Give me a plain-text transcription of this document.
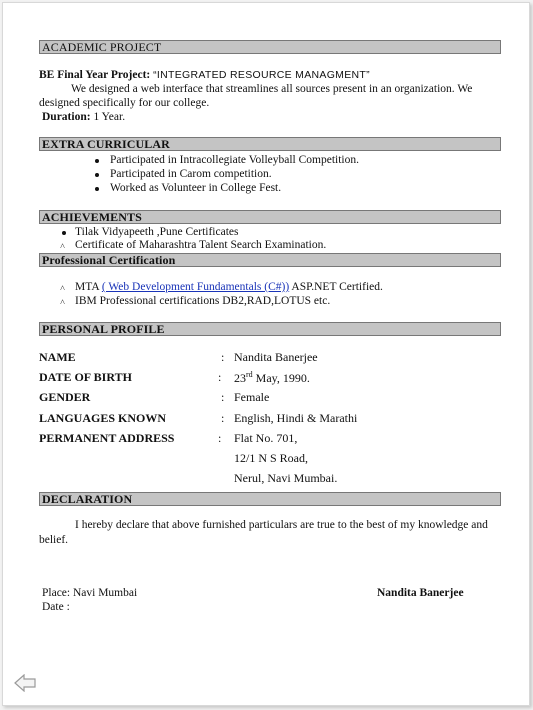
ACADEMIC PROJECT
BE Final Year Project: “INTEGRATED RESOURCE MANAGMENT”
We designed a web interface that streamlines all sources present in an organization. We
designed specifically for our college.
Duration: 1 Year.
EXTRA CURRICULAR
Participated in Intracollegiate Volleyball Competition.
Participated in Carom competition.
Worked as Volunteer in College Fest.
ACHIEVEMENTS
Tilak Vidyapeeth ,Pune Certificates
˄ Certificate of Maharashtra Talent Search Examination.
Professional Certification
˄ MTA ( Web Development Fundamentals (C#)) ASP.NET Certified.
˄ IBM Professional certifications DB2,RAD,LOTUS etc.
PERSONAL PROFILE
NAME	: Nandita Banerjee
DATE OF BIRTH	: 23rd May, 1990.
GENDER	: Female
LANGUAGES KNOWN	: English, Hindi & Marathi
PERMANENT ADDRESS	: Flat No. 701,
12/1 N S Road,
Nerul, Navi Mumbai.
DECLARATION
I hereby declare that above furnished particulars are true to the best of my knowledge and
belief.
Place: Navi Mumbai
Date :
Nandita Banerjee
